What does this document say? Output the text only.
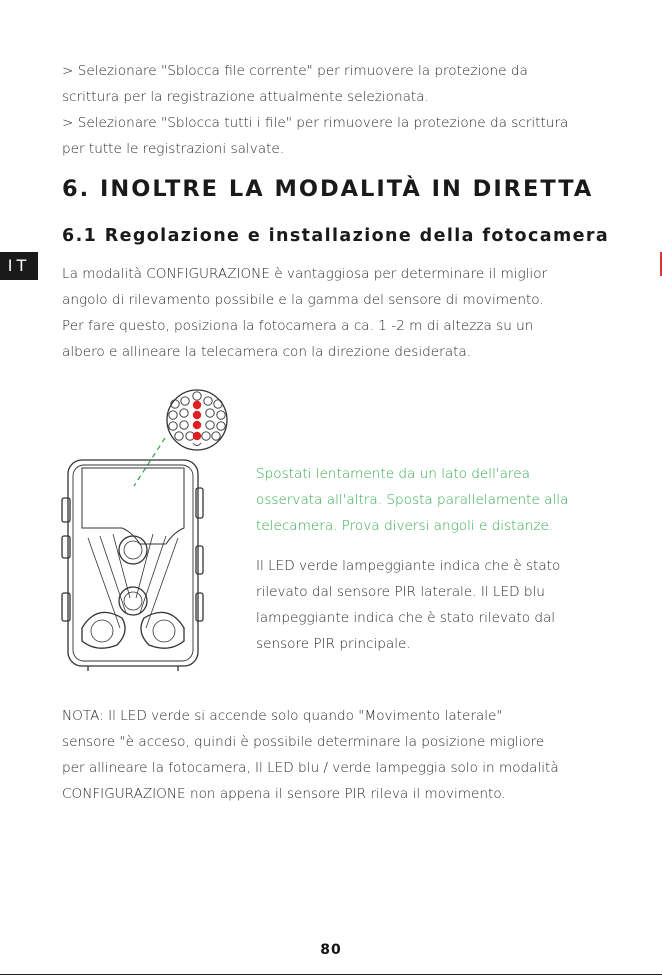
> Selezionare "Sblocca file corrente" per rimuovere la protezione da
scrittura per la registrazione attualmente selezionata.
> Selezionare "Sblocca tutti i file" per rimuovere la protezione da scrittura
per tutte le registrazioni salvate.
6. INOLTRE LA MODALITÀ IN DIRETTA
6.1 Regolazione e installazione della fotocamera
IT	La modalità CONFIGURAZIONE è vantaggiosa per determinare il miglior
angolo di rilevamento possibile e la gamma del sensore di movimento.
Per fare questo, posiziona la fotocamera a ca. 1 -2 m di altezza su un
albero e allineare la telecamera con la direzione desiderata.
Spostati lentamente da un lato dell'area
osservata all'altra. Sposta parallelamente alla
telecamera. Prova diversi angoli e distanze.
Il LED verde lampeggiante indica che è stato
rilevato dal sensore PIR laterale. Il LED blu
lampeggiante indica che è stato rilevato dal
sensore PIR principale.
NOTA: Il LED verde si accende solo quando "Movimento laterale"
sensore "è acceso, quindi è possibile determinare la posizione migliore
per allineare la fotocamera, Il LED blu / verde lampeggia solo in modalità
CONFIGURAZIONE non appena il sensore PIR rileva il movimento.
80
